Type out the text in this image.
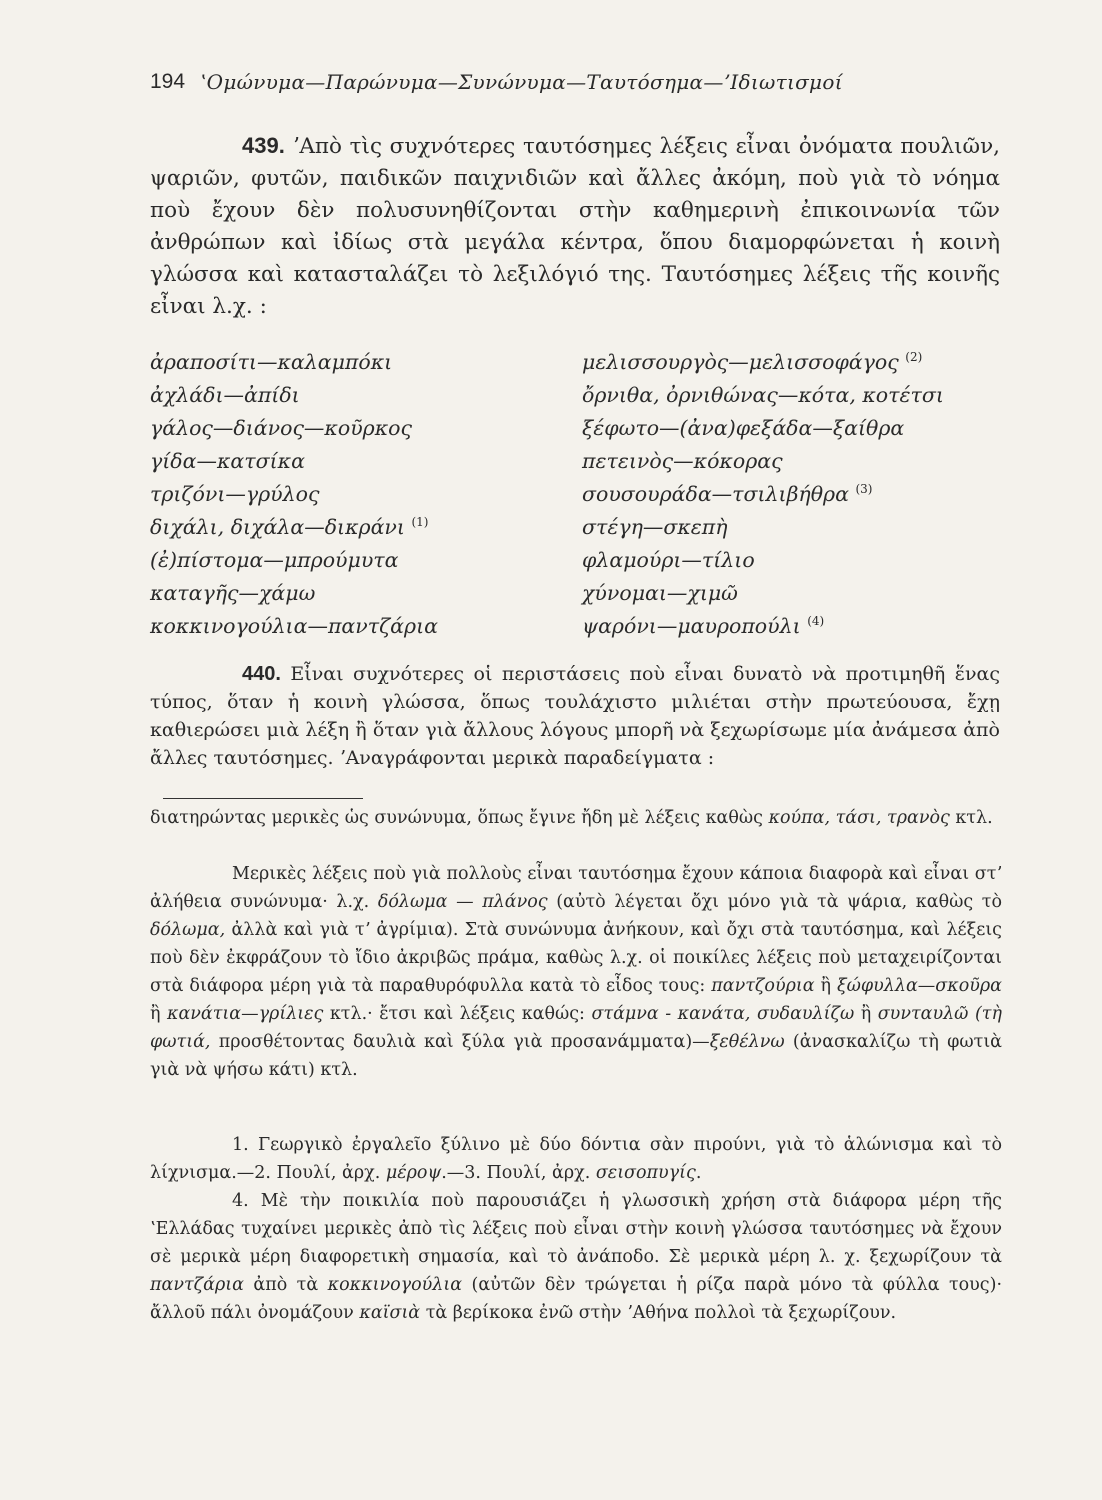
194 ʽΟμώνυμα—Παρώνυμα—Συνώνυμα—Ταυτόσημα—ʼΙδιωτισμοί

439. ʼΑπὸ τὶς συχνότερες ταυτόσημες λέξεις εἶναι ὀνόματα πουλιῶν, ψαριῶν, φυτῶν, παιδικῶν παιχνιδιῶν καὶ ἄλλες ἀκόμη, ποὺ γιὰ τὸ νόημα ποὺ ἔχουν δὲν πολυσυνηθίζονται στὴν καθημερινὴ ἐπικοινωνία τῶν ἀνθρώπων καὶ ἰδίως στὰ μεγάλα κέντρα, ὅπου διαμορφώνεται ἡ κοινὴ γλώσσα καὶ κατασταλάζει τὸ λεξιλόγιό της. Ταυτόσημες λέξεις τῆς κοινῆς εἶναι λ.χ. :

ἀραποσίτι—καλαμπόκι	μελισσουργὸς—μελισσοφάγος $^{(2)}$
ἀχλάδι—ἀπίδι	ὄρνιθα, ὀρνιθώνας—κότα, κοτέτσι
γάλος—διάνος—κοῦρκος	ξέφωτο—(ἀνα)φεξάδα—ξαίθρα
γίδα—κατσίκα	πετεινὸς—κόκορας
τριζόνι—γρύλος	σουσουράδα—τσιλιβήθρα $^{(3)}$
διχάλι, διχάλα—δικράνι $^{(1)}$	στέγη—σκεπὴ
(ἐ)πίστομα—μπρούμυτα	φλαμούρι—τίλιο
καταγῆς—χάμω	χύνομαι—χιμῶ
κοκκινογούλια—παντζάρια	ψαρόνι—μαυροπούλι $^{(4)}$

440. Εἶναι συχνότερες οἱ περιστάσεις ποὺ εἶναι δυνατὸ νὰ προτιμηθῆ ἕνας τύπος, ὅταν ἡ κοινὴ γλώσσα, ὅπως τουλάχιστο μιλιέται στὴν πρωτεύουσα, ἔχῃ καθιερώσει μιὰ λέξη ἢ ὅταν γιὰ ἄλλους λόγους μπορῆ νὰ ξεχωρίσωμε μία ἀνάμεσα ἀπὸ ἄλλες ταυτόσημες. ʼΑναγράφονται μερικὰ παραδείγματα :

διατηρώντας μερικὲς ὡς συνώνυμα, ὅπως ἔγινε ἤδη μὲ λέξεις καθὼς κούπα, τάσι, τρανὸς κτλ.

Μερικὲς λέξεις ποὺ γιὰ πολλοὺς εἶναι ταυτόσημα ἔχουν κάποια διαφορὰ καὶ εἶναι στʼ ἀλήθεια συνώνυμα· λ.χ. δόλωμα — πλάνος (αὐτὸ λέγεται ὄχι μόνο γιὰ τὰ ψάρια, καθὼς τὸ δόλωμα, ἀλλὰ καὶ γιὰ τʼ ἀγρίμια). Στὰ συνώνυμα ἀνήκουν, καὶ ὄχι στὰ ταυτόσημα, καὶ λέξεις ποὺ δὲν ἐκφράζουν τὸ ἴδιο ἀκριβῶς πράμα, καθὼς λ.χ. οἱ ποικίλες λέξεις ποὺ μεταχειρίζονται στὰ διάφορα μέρη γιὰ τὰ παραθυρόφυλλα κατὰ τὸ εἶδος τους: παντζούρια ἢ ξώφυλλα—σκοῦρα ἢ κανάτια—γρίλιες κτλ.· ἔτσι καὶ λέξεις καθώς: στάμνα - κανάτα, συδαυλίζω ἢ συνταυλῶ (τὴ φωτιά, προσθέτοντας δαυλιὰ καὶ ξύλα γιὰ προσανάμματα)—ξεθέλνω (ἀνασκαλίζω τὴ φωτιὰ γιὰ νὰ ψήσω κάτι) κτλ.

1. Γεωργικὸ ἐργαλεῖο ξύλινο μὲ δύο δόντια σὰν πιρούνι, γιὰ τὸ ἁλώνισμα καὶ τὸ λίχνισμα.—2. Πουλί, ἀρχ. μέροψ.—3. Πουλί, ἀρχ. σεισοπυγίς.

4. Μὲ τὴν ποικιλία ποὺ παρουσιάζει ἡ γλωσσικὴ χρήση στὰ διάφορα μέρη τῆς ʽΕλλάδας τυχαίνει μερικὲς ἀπὸ τὶς λέξεις ποὺ εἶναι στὴν κοινὴ γλώσσα ταυτόσημες νὰ ἔχουν σὲ μερικὰ μέρη διαφορετικὴ σημασία, καὶ τὸ ἀνάποδο. Σὲ μερικὰ μέρη λ. χ. ξεχωρίζουν τὰ παντζάρια ἀπὸ τὰ κοκκινογούλια (αὐτῶν δὲν τρώγεται ἡ ρίζα παρὰ μόνο τὰ φύλλα τους)· ἄλλοῦ πάλι ὀνομάζουν καϊσιὰ τὰ βερίκοκα ἐνῶ στὴν ʼΑθήνα πολλοὶ τὰ ξεχωρίζουν.
